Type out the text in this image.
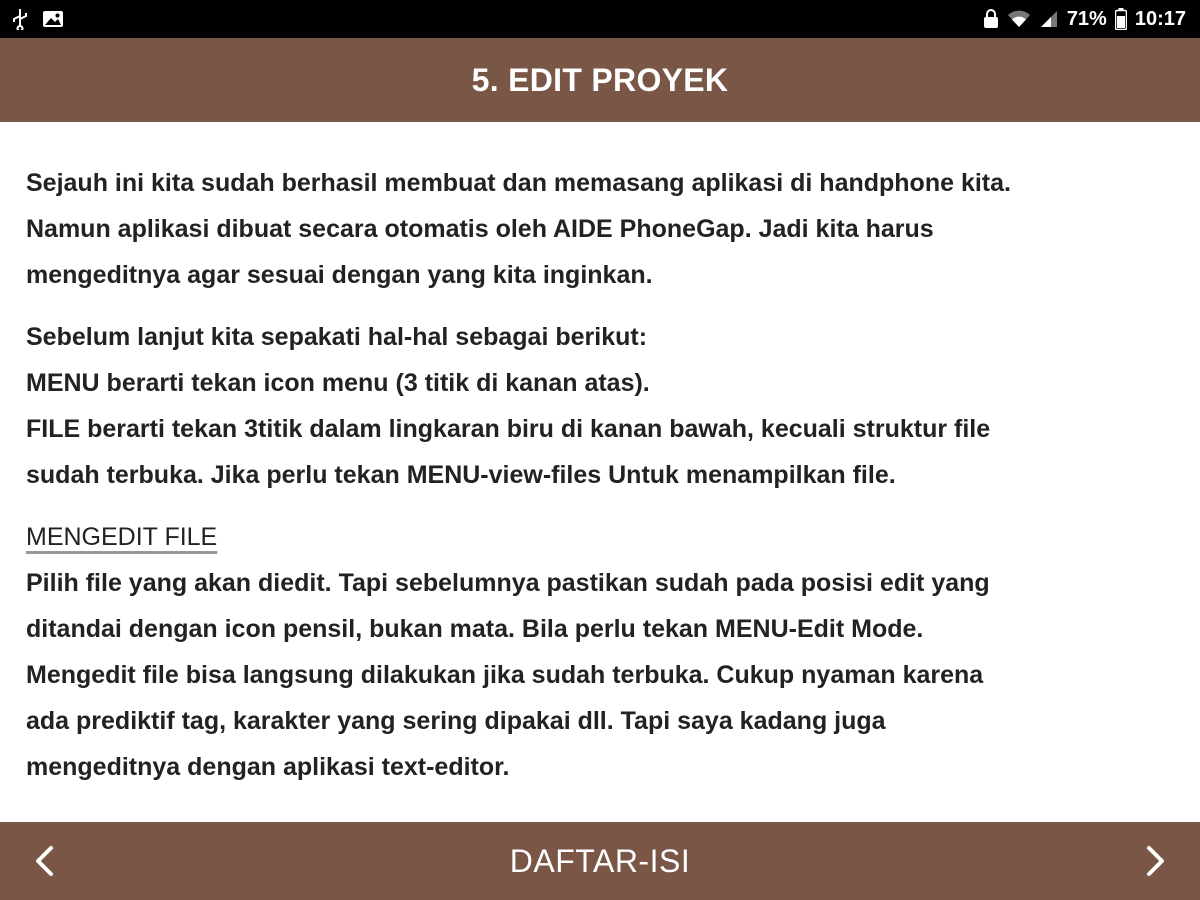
71% 10:17
5. EDIT PROYEK

Sejauh ini kita sudah berhasil membuat dan memasang aplikasi di handphone kita.
Namun aplikasi dibuat secara otomatis oleh AIDE PhoneGap. Jadi kita harus
mengeditnya agar sesuai dengan yang kita inginkan.

Sebelum lanjut kita sepakati hal-hal sebagai berikut:
MENU berarti tekan icon menu (3 titik di kanan atas).
FILE berarti tekan 3titik dalam lingkaran biru di kanan bawah, kecuali struktur file
sudah terbuka. Jika perlu tekan MENU-view-files Untuk menampilkan file.

MENGEDIT FILE
Pilih file yang akan diedit. Tapi sebelumnya pastikan sudah pada posisi edit yang
ditandai dengan icon pensil, bukan mata. Bila perlu tekan MENU-Edit Mode.
Mengedit file bisa langsung dilakukan jika sudah terbuka. Cukup nyaman karena
ada prediktif tag, karakter yang sering dipakai dll. Tapi saya kadang juga
mengeditnya dengan aplikasi text-editor.

DAFTAR-ISI
